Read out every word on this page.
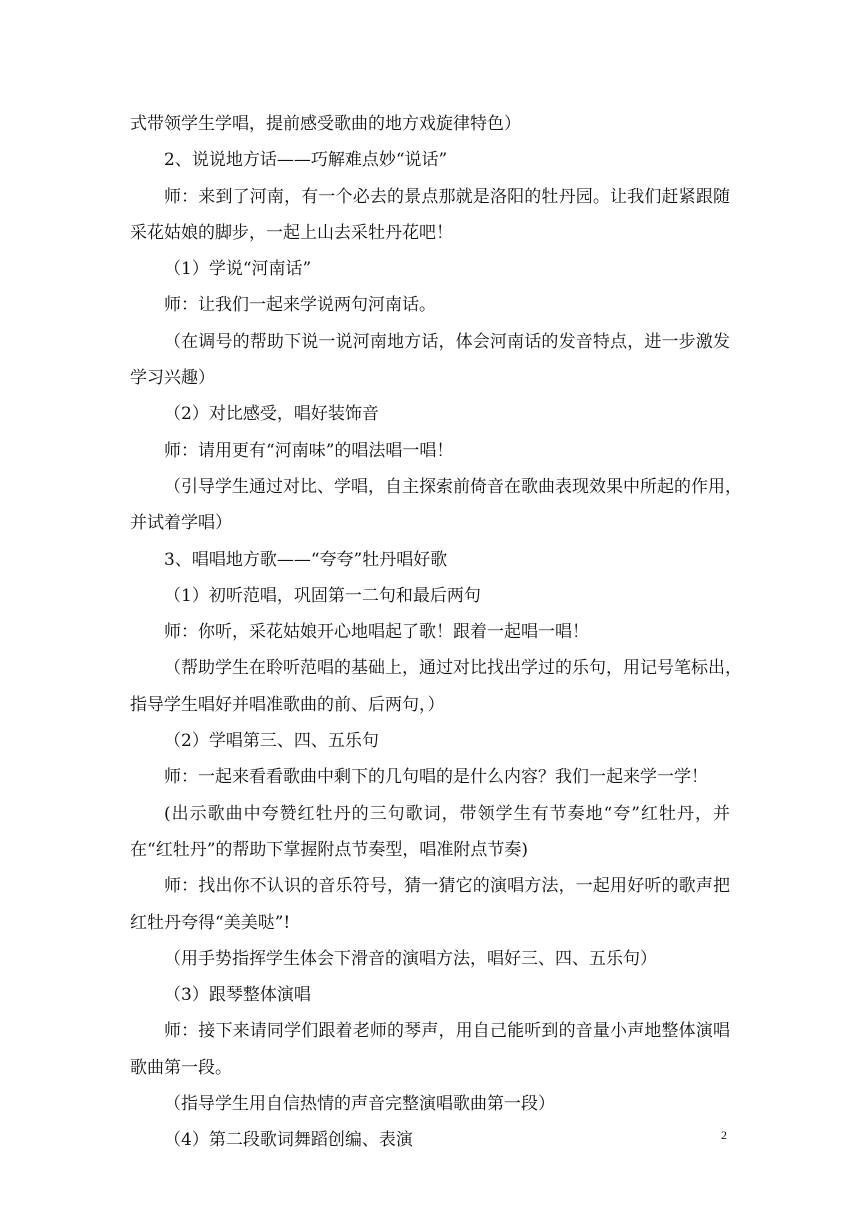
式带领学生学唱，提前感受歌曲的地方戏旋律特色）
2、说说地方话——巧解难点妙“说话”
师：来到了河南，有一个必去的景点那就是洛阳的牡丹园。让我们赶紧跟随
采花姑娘的脚步，一起上山去采牡丹花吧！
（1）学说“河南话”
师：让我们一起来学说两句河南话。
（在调号的帮助下说一说河南地方话，体会河南话的发音特点，进一步激发
学习兴趣）
（2）对比感受，唱好装饰音
师：请用更有“河南味”的唱法唱一唱！
（引导学生通过对比、学唱，自主探索前倚音在歌曲表现效果中所起的作用，
并试着学唱）
3、唱唱地方歌——“夸夸”牡丹唱好歌
（1）初听范唱，巩固第一二句和最后两句
师：你听，采花姑娘开心地唱起了歌！跟着一起唱一唱！
（帮助学生在聆听范唱的基础上，通过对比找出学过的乐句，用记号笔标出，
指导学生唱好并唱准歌曲的前、后两句，）
（2）学唱第三、四、五乐句
师：一起来看看歌曲中剩下的几句唱的是什么内容？我们一起来学一学！
(出示歌曲中夸赞红牡丹的三句歌词，带领学生有节奏地“夸”红牡丹，并
在“红牡丹”的帮助下掌握附点节奏型，唱准附点节奏)
师：找出你不认识的音乐符号，猜一猜它的演唱方法，一起用好听的歌声把
红牡丹夸得“美美哒”!
（用手势指挥学生体会下滑音的演唱方法，唱好三、四、五乐句）
（3）跟琴整体演唱
师：接下来请同学们跟着老师的琴声，用自己能听到的音量小声地整体演唱
歌曲第一段。
（指导学生用自信热情的声音完整演唱歌曲第一段）
（4）第二段歌词舞蹈创编、表演	2
